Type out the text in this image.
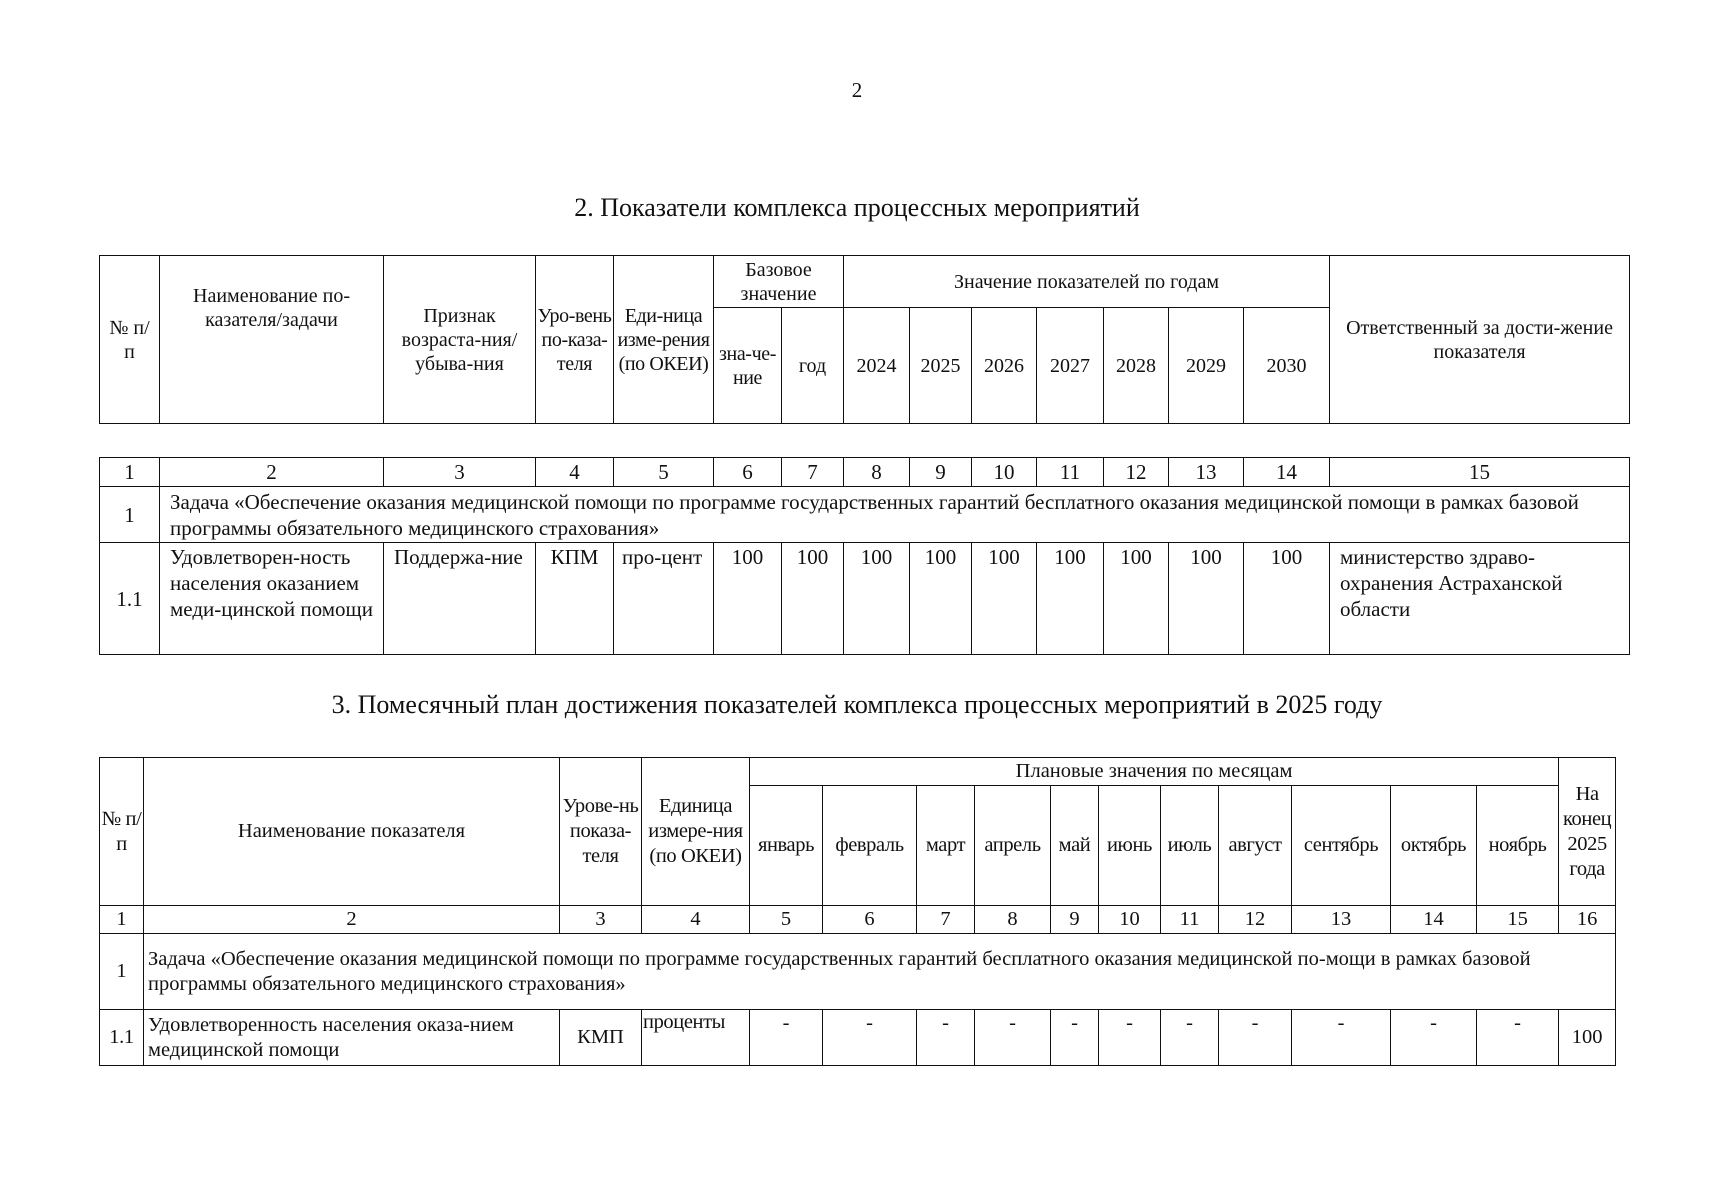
2
2. Показатели комплекса процессных мероприятий
№ п/п	Наименование по-казателя/задачи	Признак возраста-ния/убыва-ния	Уро-вень по-каза-теля	Еди-ница изме-рения (по ОКЕИ)	Базовое значение		Значение показателей по годам							Ответственный за дости-жение показателя
					зна-че-ние	год	2024	2025	2026	2027	2028	2029	2030	
1	2	3	4	5	6	7	8	9	10	11	12	13	14	15
1	Задача «Обеспечение оказания медицинской помощи по программе государственных гарантий бесплатного оказания медицинской помощи в рамках базовой программы обязательного медицинского страхования»													
1.1	Удовлетворен-ность населения оказанием меди-цинской помощи	Поддержа-ние	КПМ	про-цент	100	100	100	100	100	100	100	100	100	министерство здраво-охранения Астраханской области
3. Помесячный план достижения показателей комплекса процессных мероприятий в 2025 году
№ п/п	Наименование показателя	Урове-нь показа-теля	Единица измере-ния (по ОКЕИ)	Плановые значения по месяцам											На конец 2025 года
				январь	февраль	март	апрель	май	июнь	июль	август	сентябрь	октябрь	ноябрь	
1	2	3	4	5	6	7	8	9	10	11	12	13	14	15	16
1	Задача «Обеспечение оказания медицинской помощи по программе государственных гарантий бесплатного оказания медицинской по-мощи в рамках базовой программы обязательного медицинского страхования»														
1.1	Удовлетворенность населения оказа-нием медицинской помощи	КМП	проценты	-	-	-	-	-	-	-	-	-	-	-	100
